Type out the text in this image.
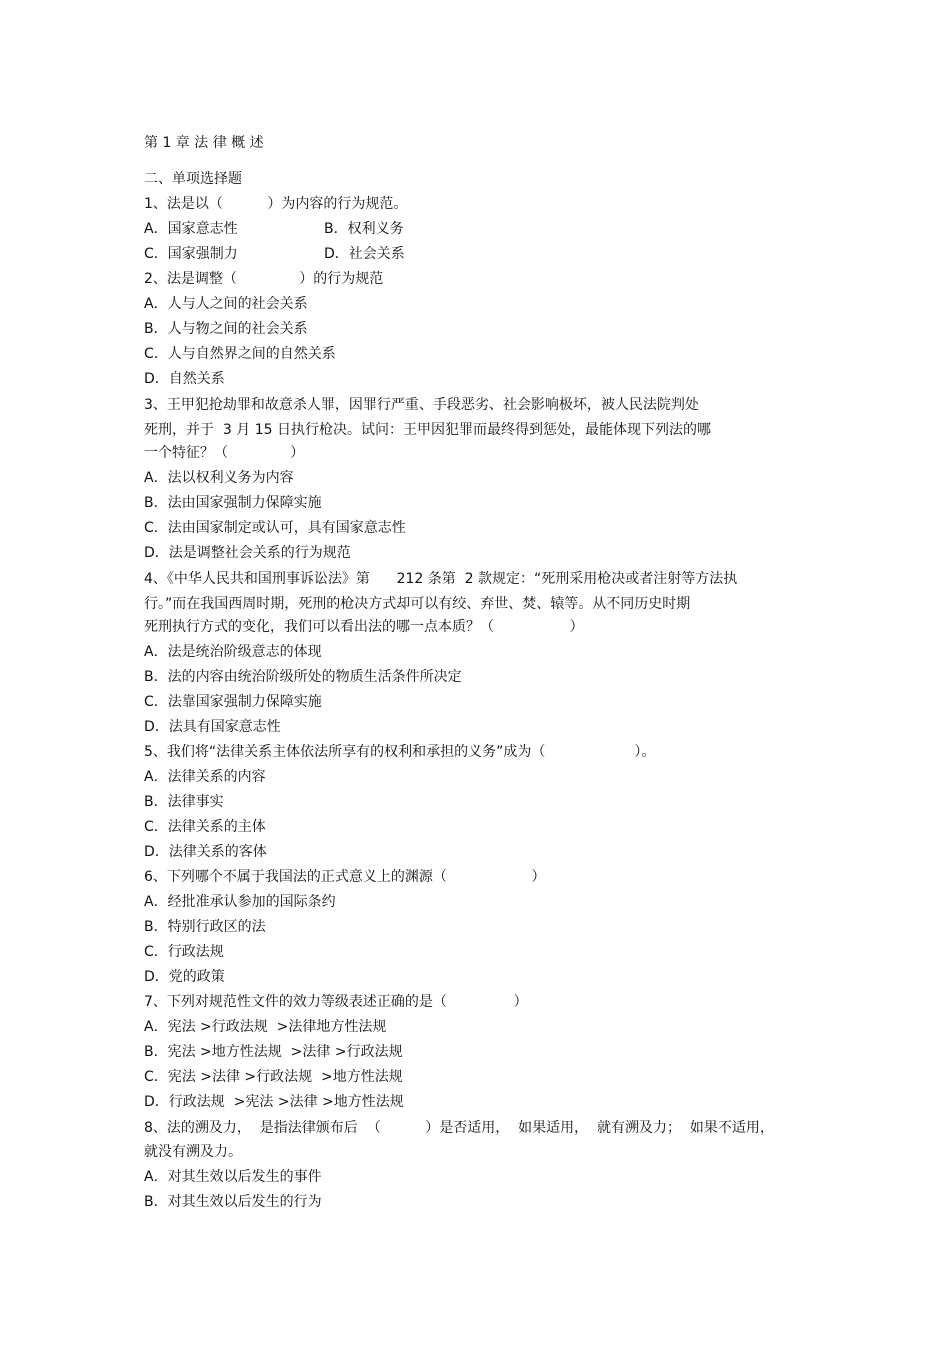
第 1 章 法 律 概 述
二、单项选择题
1、法是以（          ）为内容的行为规范。
A．国家意志性	B．权利义务
C．国家强制力	D．社会关系
2、法是调整（              ）的行为规范
A．人与人之间的社会关系
B．人与物之间的社会关系
C．人与自然界之间的自然关系
D．自然关系
3、王甲犯抢劫罪和故意杀人罪，因罪行严重、手段恶劣、社会影响极坏，被人民法院判处
死刑，并于  3 月 15 日执行枪决。试问：王甲因犯罪而最终得到惩处，最能体现下列法的哪
一个特征？（              ）
A．法以权利义务为内容
B．法由国家强制力保障实施
C．法由国家制定或认可，具有国家意志性
D．法是调整社会关系的行为规范
4、《中华人民共和国刑事诉讼法》第      212 条第  2 款规定：“死刑采用枪决或者注射等方法执
行。”而在我国西周时期，死刑的枪决方式却可以有绞、弃世、焚、辕等。从不同历史时期
死刑执行方式的变化，我们可以看出法的哪一点本质？（                 ）
A．法是统治阶级意志的体现
B．法的内容由统治阶级所处的物质生活条件所决定
C．法靠国家强制力保障实施
D．法具有国家意志性
5、我们将“法律关系主体依法所享有的权利和承担的义务”成为（                    ）。
A．法律关系的内容
B．法律事实
C．法律关系的主体
D．法律关系的客体
6、下列哪个不属于我国法的正式意义上的渊源（                   ）
A．经批准承认参加的国际条约
B．特别行政区的法
C．行政法规
D．党的政策
7、下列对规范性文件的效力等级表述正确的是（               ）
A．宪法 >行政法规  >法律地方性法规
B．宪法 >地方性法规  >法律 >行政法规
C．宪法 >法律 >行政法规  >地方性法规
D．行政法规  >宪法 >法律 >地方性法规
8、法的溯及力，  是指法律颁布后  （          ）是否适用，  如果适用，  就有溯及力；  如果不适用，
就没有溯及力。
A．对其生效以后发生的事件
B．对其生效以后发生的行为
